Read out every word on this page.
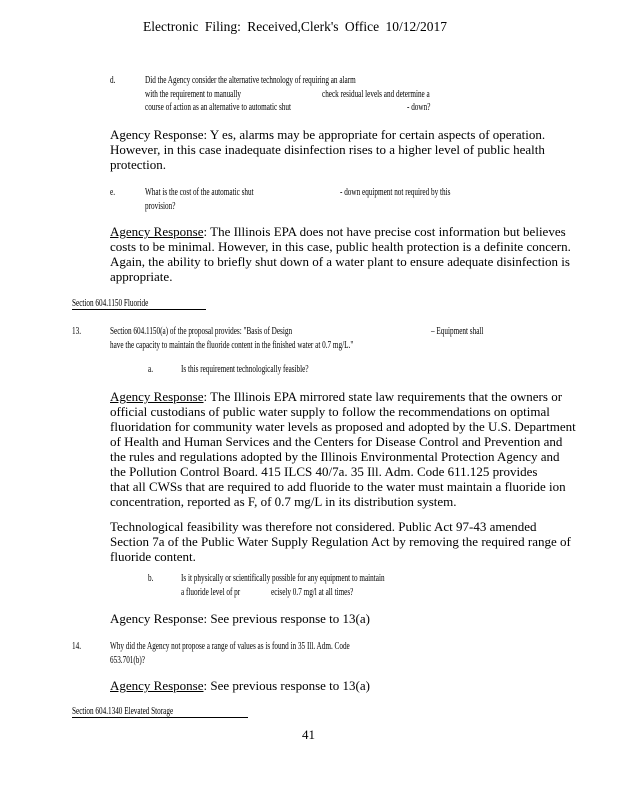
Electronic Filing: Received,Clerk's Office 10/12/2017
d.	Did the Agency consider the alternative technology of requiring an alarm
with the requirement to manually	check residual levels and determine a
course of action as an alternative to automatic shut	- down?
Agency Response: Y es, alarms may be appropriate for certain aspects of operation.
However, in this case inadequate disinfection rises to a higher level of public health
protection.
e.	What is the cost of the automatic shut	- down equipment not required by this
provision?
Agency Response: The Illinois EPA does not have precise cost information but believes
costs to be minimal. However, in this case, public health protection is a definite concern.
Again, the ability to briefly shut down of a water plant to ensure adequate disinfection is
appropriate.
Section 604.1150 Fluoride
13.	Section 604.1150(a) of the proposal provides: "Basis of Design	– Equipment shall
have the capacity to maintain the fluoride content in the finished water at 0.7 mg/L."
a.	Is this requirement technologically feasible?
Agency Response: The Illinois EPA mirrored state law requirements that the owners or
official custodians of public water supply to follow the recommendations on optimal
fluoridation for community water levels as proposed and adopted by the U.S. Department
of Health and Human Services and the Centers for Disease Control and Prevention and
the rules and regulations adopted by the Illinois Environmental Protection Agency and
the Pollution Control Board. 415 ILCS 40/7a. 35 Ill. Adm. Code 611.125 provides
that all CWSs that are required to add fluoride to the water must maintain a fluoride ion
concentration, reported as F, of 0.7 mg/L in its distribution system.
Technological feasibility was therefore not considered. Public Act 97-43 amended
Section 7a of the Public Water Supply Regulation Act by removing the required range of
fluoride content.
b.	Is it physically or scientifically possible for any equipment to maintain
a fluoride level of pr	ecisely 0.7 mg/l at all times?
Agency Response: See previous response to 13(a)
14.	Why did the Agency not propose a range of values as is found in 35 Ill. Adm. Code
653.701(b)?
Agency Response: See previous response to 13(a)
Section 604.1340 Elevated Storage
41
